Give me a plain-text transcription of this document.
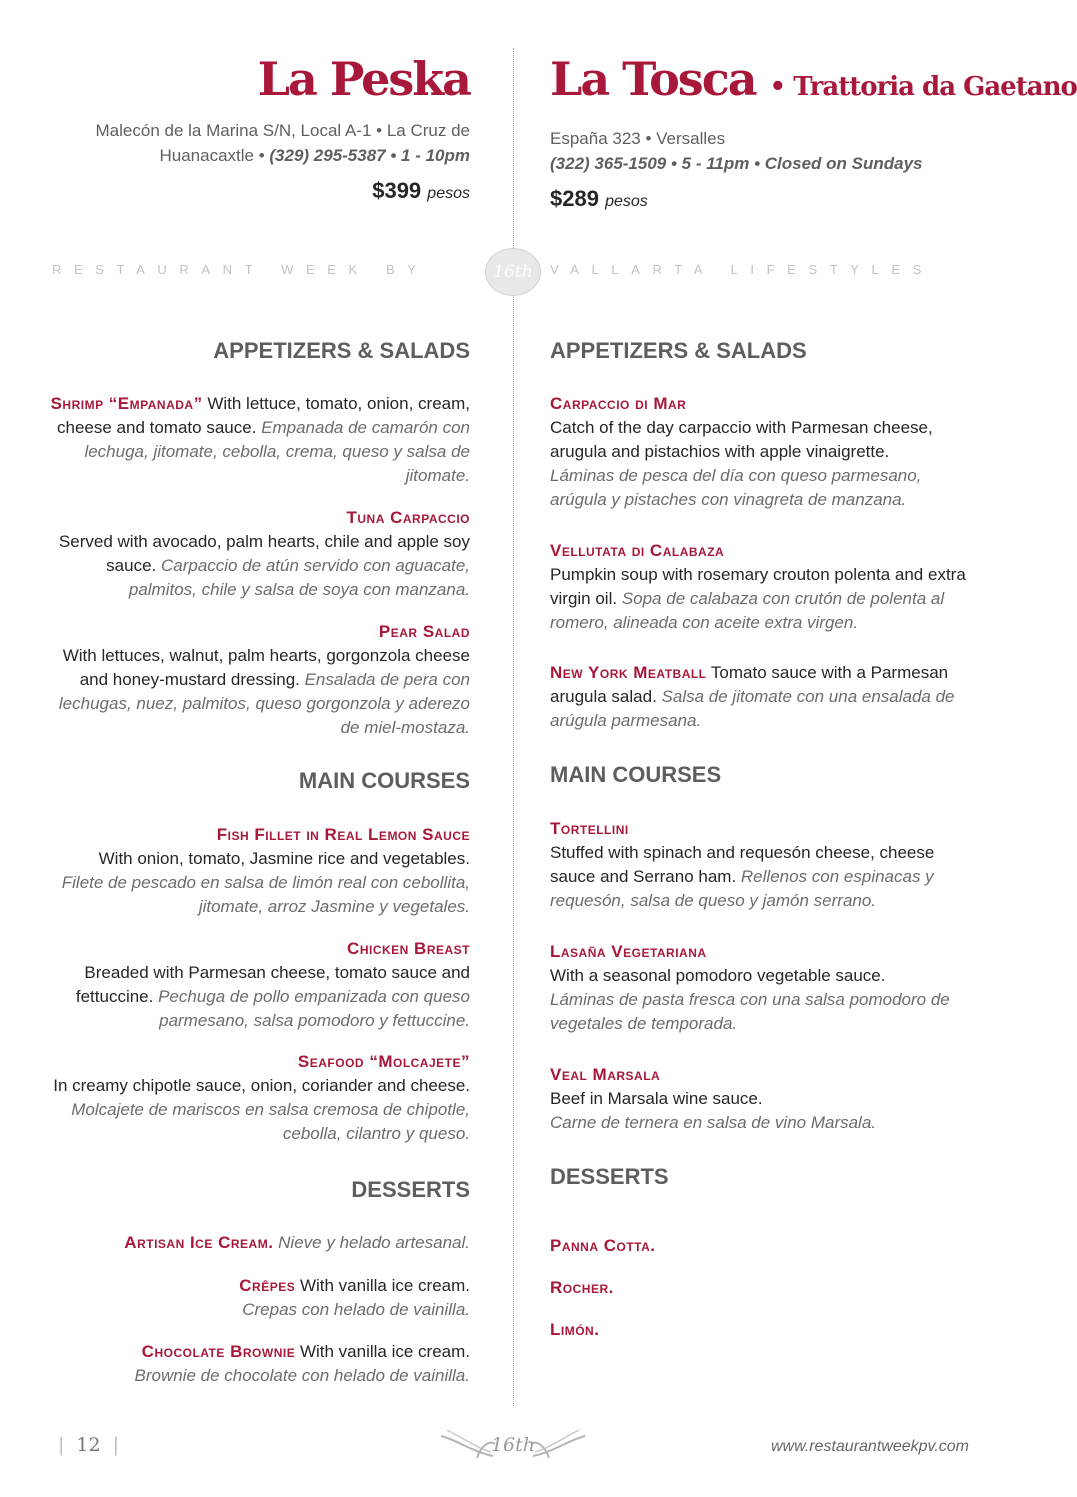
La Peska
Malecón de la Marina S/N, Local A-1 • La Cruz de
Huanacaxtle • (329) 295-5387 • 1 - 10pm
$399 pesos
La Tosca • Trattoria da Gaetano
España 323 • Versalles
(322) 365-1509 • 5 - 11pm • Closed on Sundays
$289 pesos
RESTAURANT WEEK BY	16th	VALLARTA LIFESTYLES
APPETIZERS & SALADS
Shrimp “Empanada” With lettuce, tomato, onion, cream, cheese and tomato sauce. Empanada de camarón con lechuga, jitomate, cebolla, crema, queso y salsa de jitomate.
Tuna Carpaccio
Served with avocado, palm hearts, chile and apple soy sauce. Carpaccio de atún servido con aguacate, palmitos, chile y salsa de soya con manzana.
Pear Salad
With lettuces, walnut, palm hearts, gorgonzola cheese and honey-mustard dressing. Ensalada de pera con lechugas, nuez, palmitos, queso gorgonzola y aderezo de miel-mostaza.
MAIN COURSES
Fish Fillet in Real Lemon Sauce
With onion, tomato, Jasmine rice and vegetables.
Filete de pescado en salsa de limón real con cebollita, jitomate, arroz Jasmine y vegetales.
Chicken Breast
Breaded with Parmesan cheese, tomato sauce and fettuccine. Pechuga de pollo empanizada con queso parmesano, salsa pomodoro y fettuccine.
Seafood “Molcajete”
In creamy chipotle sauce, onion, coriander and cheese. Molcajete de mariscos en salsa cremosa de chipotle, cebolla, cilantro y queso.
DESSERTS
Artisan Ice Cream. Nieve y helado artesanal.
Crêpes With vanilla ice cream.
Crepas con helado de vainilla.
Chocolate Brownie With vanilla ice cream.
Brownie de chocolate con helado de vainilla.
APPETIZERS & SALADS
Carpaccio di Mar
Catch of the day carpaccio with Parmesan cheese, arugula and pistachios with apple vinaigrette.
Láminas de pesca del día con queso parmesano, arúgula y pistaches con vinagreta de manzana.
Vellutata di Calabaza
Pumpkin soup with rosemary crouton polenta and extra virgin oil. Sopa de calabaza con crutón de polenta al romero, alineada con aceite extra virgen.
New York Meatball Tomato sauce with a Parmesan arugula salad. Salsa de jitomate con una ensalada de arúgula parmesana.
MAIN COURSES
Tortellini
Stuffed with spinach and requesón cheese, cheese sauce and Serrano ham. Rellenos con espinacas y requesón, salsa de queso y jamón serrano.
Lasaña Vegetariana
With a seasonal pomodoro vegetable sauce.
Láminas de pasta fresca con una salsa pomodoro de vegetales de temporada.
Veal Marsala
Beef in Marsala wine sauce.
Carne de ternera en salsa de vino Marsala.
DESSERTS
Panna Cotta.
Rocher.
Limón.
| 12 |	16th	www.restaurantweekpv.com
